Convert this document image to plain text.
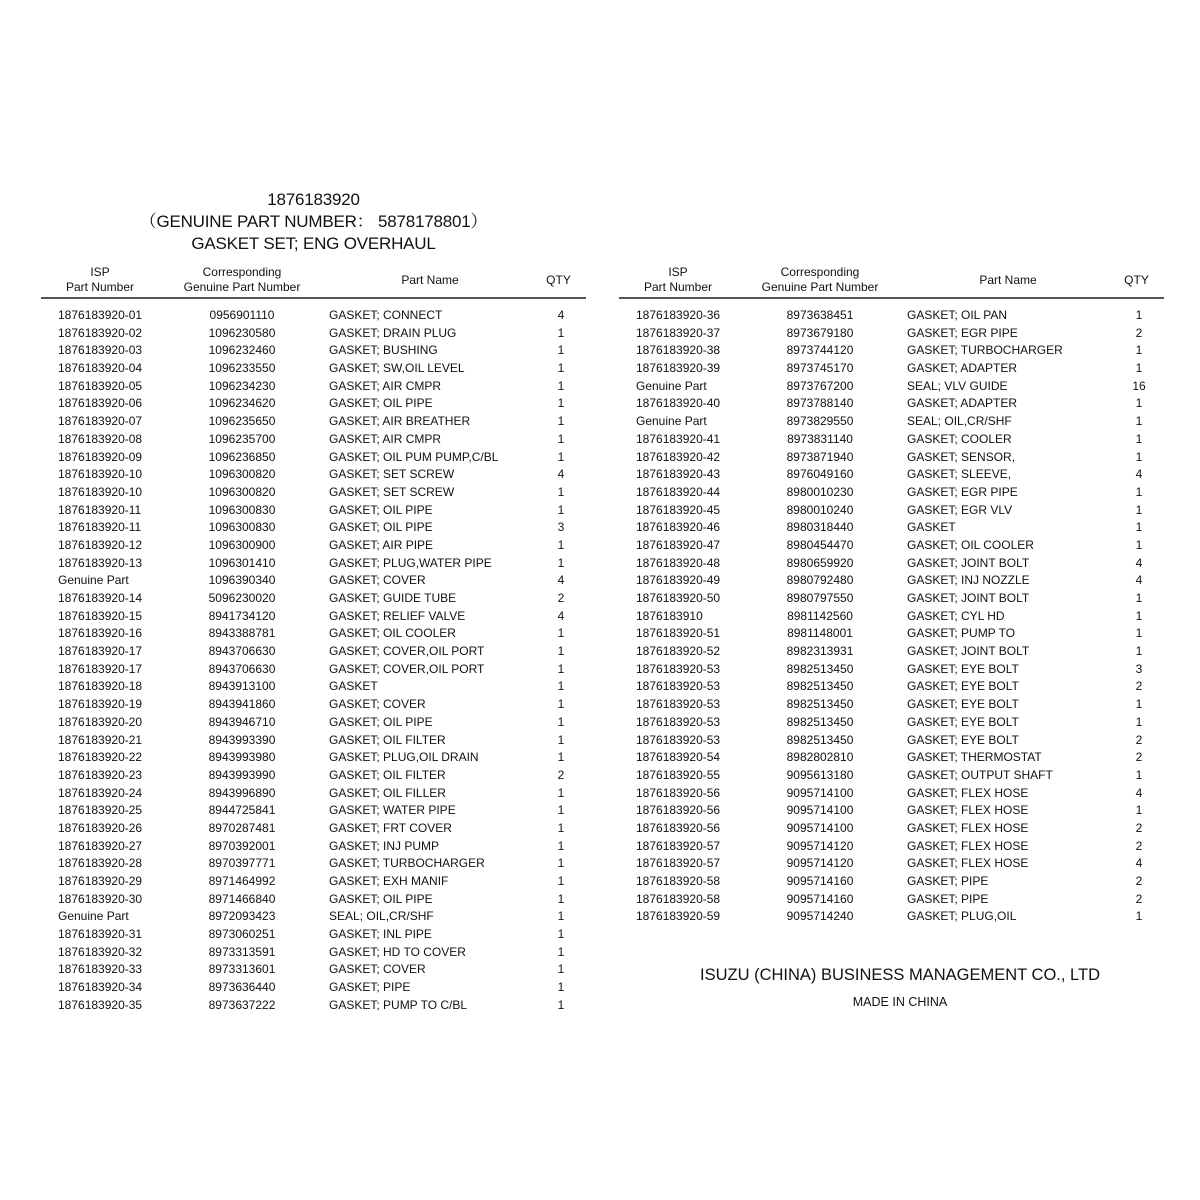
1876183920
（GENUINE PART NUMBER： 5878178801）
GASKET SET; ENG OVERHAUL
ISP
Part Number
Corresponding
Genuine Part Number	Part Name	QTY
1876183920-01	0956901110	GASKET; CONNECT	4
1876183920-02	1096230580	GASKET; DRAIN PLUG	1
1876183920-03	1096232460	GASKET; BUSHING	1
1876183920-04	1096233550	GASKET; SW,OIL LEVEL	1
1876183920-05	1096234230	GASKET; AIR CMPR	1
1876183920-06	1096234620	GASKET; OIL PIPE	1
1876183920-07	1096235650	GASKET; AIR BREATHER	1
1876183920-08	1096235700	GASKET; AIR CMPR	1
1876183920-09	1096236850	GASKET; OIL PUM PUMP,C/BL	1
1876183920-10	1096300820	GASKET; SET SCREW	4
1876183920-10	1096300820	GASKET; SET SCREW	1
1876183920-11	1096300830	GASKET; OIL PIPE	1
1876183920-11	1096300830	GASKET; OIL PIPE	3
1876183920-12	1096300900	GASKET; AIR PIPE	1
1876183920-13	1096301410	GASKET; PLUG,WATER PIPE	1
Genuine Part	1096390340	GASKET; COVER	4
1876183920-14	5096230020	GASKET; GUIDE TUBE	2
1876183920-15	8941734120	GASKET; RELIEF VALVE	4
1876183920-16	8943388781	GASKET; OIL COOLER	1
1876183920-17	8943706630	GASKET; COVER,OIL PORT	1
1876183920-17	8943706630	GASKET; COVER,OIL PORT	1
1876183920-18	8943913100	GASKET	1
1876183920-19	8943941860	GASKET; COVER	1
1876183920-20	8943946710	GASKET; OIL PIPE	1
1876183920-21	8943993390	GASKET; OIL FILTER	1
1876183920-22	8943993980	GASKET; PLUG,OIL DRAIN	1
1876183920-23	8943993990	GASKET; OIL FILTER	2
1876183920-24	8943996890	GASKET; OIL FILLER	1
1876183920-25	8944725841	GASKET; WATER PIPE	1
1876183920-26	8970287481	GASKET; FRT COVER	1
1876183920-27	8970392001	GASKET; INJ PUMP	1
1876183920-28	8970397771	GASKET; TURBOCHARGER	1
1876183920-29	8971464992	GASKET; EXH MANIF	1
1876183920-30	8971466840	GASKET; OIL PIPE	1
Genuine Part	8972093423	SEAL; OIL,CR/SHF	1
1876183920-31	8973060251	GASKET; INL PIPE	1
1876183920-32	8973313591	GASKET; HD TO COVER	1
1876183920-33	8973313601	GASKET; COVER	1
1876183920-34	8973636440	GASKET; PIPE	1
1876183920-35	8973637222	GASKET; PUMP TO C/BL	1
ISP
Part Number
Corresponding
Genuine Part Number	Part Name	QTY
1876183920-36	8973638451	GASKET; OIL PAN	1
1876183920-37	8973679180	GASKET; EGR PIPE	2
1876183920-38	8973744120	GASKET; TURBOCHARGER	1
1876183920-39	8973745170	GASKET; ADAPTER	1
Genuine Part	8973767200	SEAL; VLV GUIDE	16
1876183920-40	8973788140	GASKET; ADAPTER	1
Genuine Part	8973829550	SEAL; OIL,CR/SHF	1
1876183920-41	8973831140	GASKET; COOLER	1
1876183920-42	8973871940	GASKET; SENSOR,	1
1876183920-43	8976049160	GASKET; SLEEVE,	4
1876183920-44	8980010230	GASKET; EGR PIPE	1
1876183920-45	8980010240	GASKET; EGR VLV	1
1876183920-46	8980318440	GASKET	1
1876183920-47	8980454470	GASKET; OIL COOLER	1
1876183920-48	8980659920	GASKET; JOINT BOLT	4
1876183920-49	8980792480	GASKET; INJ NOZZLE	4
1876183920-50	8980797550	GASKET; JOINT BOLT	1
1876183910	8981142560	GASKET; CYL HD	1
1876183920-51	8981148001	GASKET; PUMP TO	1
1876183920-52	8982313931	GASKET; JOINT BOLT	1
1876183920-53	8982513450	GASKET; EYE BOLT	3
1876183920-53	8982513450	GASKET; EYE BOLT	2
1876183920-53	8982513450	GASKET; EYE BOLT	1
1876183920-53	8982513450	GASKET; EYE BOLT	1
1876183920-53	8982513450	GASKET; EYE BOLT	2
1876183920-54	8982802810	GASKET; THERMOSTAT	2
1876183920-55	9095613180	GASKET; OUTPUT SHAFT	1
1876183920-56	9095714100	GASKET; FLEX HOSE	4
1876183920-56	9095714100	GASKET; FLEX HOSE	1
1876183920-56	9095714100	GASKET; FLEX HOSE	2
1876183920-57	9095714120	GASKET; FLEX HOSE	2
1876183920-57	9095714120	GASKET; FLEX HOSE	4
1876183920-58	9095714160	GASKET; PIPE	2
1876183920-58	9095714160	GASKET; PIPE	2
1876183920-59	9095714240	GASKET; PLUG,OIL	1
ISUZU (CHINA) BUSINESS MANAGEMENT CO., LTD
MADE IN CHINA
